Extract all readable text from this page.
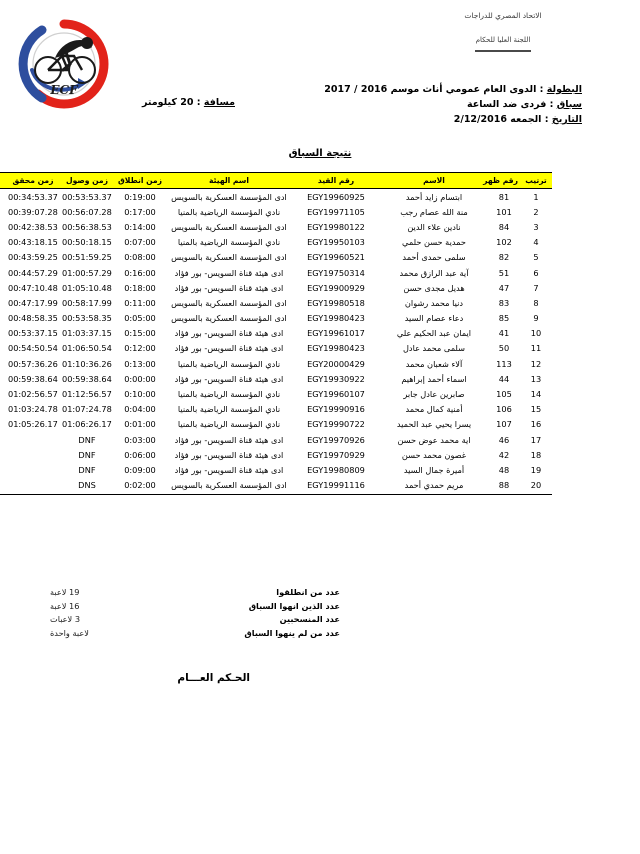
ECF
الاتحاد المصري للدراجات
اللجنة العليا للحكام
البطولة : الدوى العام عمومي أناث موسم 2016 / 2017
سباق : فردى ضد الساعة
التاريخ : الجمعه 2/12/2016
مسافة : 20 كيلومتر
نتيجة السباق
ترتيب	رقم ظهر	الاسم	رقم القيد	اسم الهيئة	زمن انطلاق	زمن وصول	زمن محقق	
1	81	ابتسام زايد أحمد	EGY19960925	ادى المؤسسة العسكرية بالسويس	0:19:00	00:53:53.37	00:34:53.37	
2	101	منة الله عصام رجب	EGY19971105	نادي المؤسسة الرياضية بالمنيا	0:17:00	00:56:07.28	00:39:07.28	
3	84	نادين علاء الدين	EGY19980122	ادى المؤسسة العسكرية بالسويس	0:14:00	00:56:38.53	00:42:38.53	
4	102	حمدية حسن حلمي	EGY19950103	نادي المؤسسة الرياضية بالمنيا	0:07:00	00:50:18.15	00:43:18.15	
5	82	سلمى حمدى أحمد	EGY19960521	ادى المؤسسة العسكرية بالسويس	0:08:00	00:51:59.25	00:43:59.25	
6	51	آية عبد الرازق محمد	EGY19750314	ادى هيئة قناة السويس- بور فؤاد	0:16:00	01:00:57.29	00:44:57.29	
7	47	هديل مجدى حسن	EGY19900929	ادى هيئة قناة السويس- بور فؤاد	0:18:00	01:05:10.48	00:47:10.48	
8	83	دنيا محمد رشوان	EGY19980518	ادى المؤسسة العسكرية بالسويس	0:11:00	00:58:17.99	00:47:17.99	
9	85	دعاء عصام السيد	EGY19980423	ادى المؤسسة العسكرية بالسويس	0:05:00	00:53:58.35	00:48:58.35	
10	41	ايمان عبد الحكيم علي	EGY19961017	ادى هيئة قناة السويس- بور فؤاد	0:15:00	01:03:37.15	00:53:37.15	
11	50	سلمى محمد عادل	EGY19980423	ادى هيئة قناة السويس- بور فؤاد	0:12:00	01:06:50.54	00:54:50.54	
12	113	آلاء شعبان محمد	EGY20000429	نادي المؤسسة الرياضية بالمنيا	0:13:00	01:10:36.26	00:57:36.26	
13	44	اسماء أحمد إبراهيم	EGY19930922	ادى هيئة قناة السويس- بور فؤاد	0:00:00	00:59:38.64	00:59:38.64	
14	105	صابرين عادل جابر	EGY19960107	نادي المؤسسة الرياضية بالمنيا	0:10:00	01:12:56.57	01:02:56.57	
15	106	أمنية كمال محمد	EGY19990916	نادي المؤسسة الرياضية بالمنيا	0:04:00	01:07:24.78	01:03:24.78	
16	107	يسرا يحيي عبد الحميد	EGY19990722	نادي المؤسسة الرياضية بالمنيا	0:01:00	01:06:26.17	01:05:26.17	
17	46	اية محمد عوض حسن	EGY19970926	ادى هيئة قناة السويس- بور فؤاد	0:03:00	DNF		
18	42	غصون محمد حسن	EGY19970929	ادى هيئة قناة السويس- بور فؤاد	0:06:00	DNF		
19	48	أميرة جمال السيد	EGY19980809	ادى هيئة قناة السويس- بور فؤاد	0:09:00	DNF		
20	88	مريم حمدي أحمد	EGY19991116	ادى المؤسسة العسكرية بالسويس	0:02:00	DNS		
عدد من انطلقوا
19 لاعبة
عدد الذين انهوا السباق
16 لاعبة
عدد المنسحبين
3 لاعبات
عدد من لم ينهوا السباق
لاعبة واحدة
الحـكم العـــام
